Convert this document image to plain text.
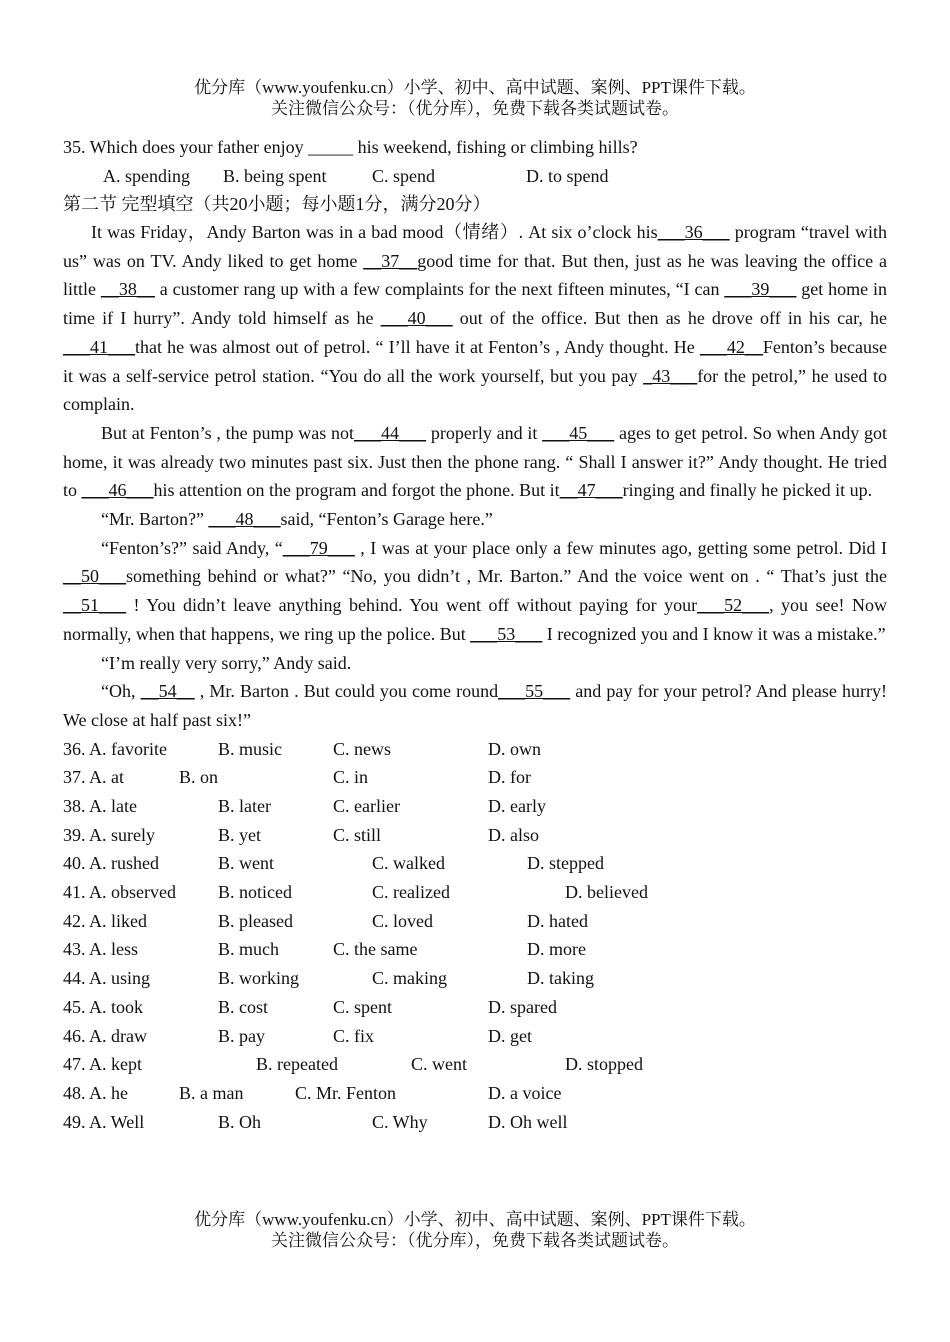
优分库（www.youfenku.cn）小学、初中、高中试题、案例、PPT课件下载。
关注微信公众号：（优分库），免费下载各类试题试卷。
35. Which does your father enjoy _____ his weekend, fishing or climbing hills?
A. spending B. being spent	C. spend	D. to spend
第二节 完型填空（共20小题；每小题1分，满分20分）

It was Friday，Andy Barton was in a bad mood（情绪）. At six o’clock his___36___ program “travel with us” was on TV. Andy liked to get home __37__good time for that. But then, just as he was leaving the office a little __38__ a customer rang up with a few complaints for the next fifteen minutes, “I can ___39___ get home in time if I hurry”. Andy told himself as he ___40___ out of the office. But then as he drove off in his car, he ___41___that he was almost out of petrol. “ I’ll have it at Fenton’s , Andy thought. He ___42__Fenton’s because it was a self-service petrol station. “You do all the work yourself, but you pay _43___for the petrol,” he used to complain.

But at Fenton’s , the pump was not___44___ properly and it ___45___ ages to get petrol. So when Andy got home, it was already two minutes past six. Just then the phone rang. “ Shall I answer it?” Andy thought. He tried to ___46___his attention on the program and forgot the phone. But it__47___ringing and finally he picked it up.

“Mr. Barton?” ___48___said, “Fenton’s Garage here.”

“Fenton’s?” said Andy, “___79___ , I was at your place only a few minutes ago, getting some petrol. Did I __50___something behind or what?” “No, you didn’t , Mr. Barton.” And the voice went on . “ That’s just the __51___ ! You didn’t leave anything behind. You went off without paying for your___52___, you see! Now normally, when that happens, we ring up the police. But ___53___ I recognized you and I know it was a mistake.”

“I’m really very sorry,” Andy said.

“Oh, __54__ , Mr. Barton . But could you come round___55___ and pay for your petrol? And please hurry! We close at half past six!”

36. A. favorite	B. music	C. news	D. own
37. A. at	B. on	C. in	D. for
38. A. late	B. later	C. earlier	D. early
39. A. surely	B. yet	C. still	D. also
40. A. rushed	B. went	C. walked	D. stepped
41. A. observed B. noticed	C. realized	D. believed
42. A. liked	B. pleased	C. loved	D. hated
43. A. less	B. much	C. the same	D. more
44. A. using	B. working	C. making	D. taking
45. A. took	B. cost	C. spent	D. spared
46. A. draw	B. pay	C. fix	D. get
47. A. kept	B. repeated	C. went	D. stopped
48. A. he	B. a man	C. Mr. Fenton	D. a voice
49. A. Well	B. Oh	C. Why	D. Oh well
优分库（www.youfenku.cn）小学、初中、高中试题、案例、PPT课件下载。
关注微信公众号：（优分库），免费下载各类试题试卷。
